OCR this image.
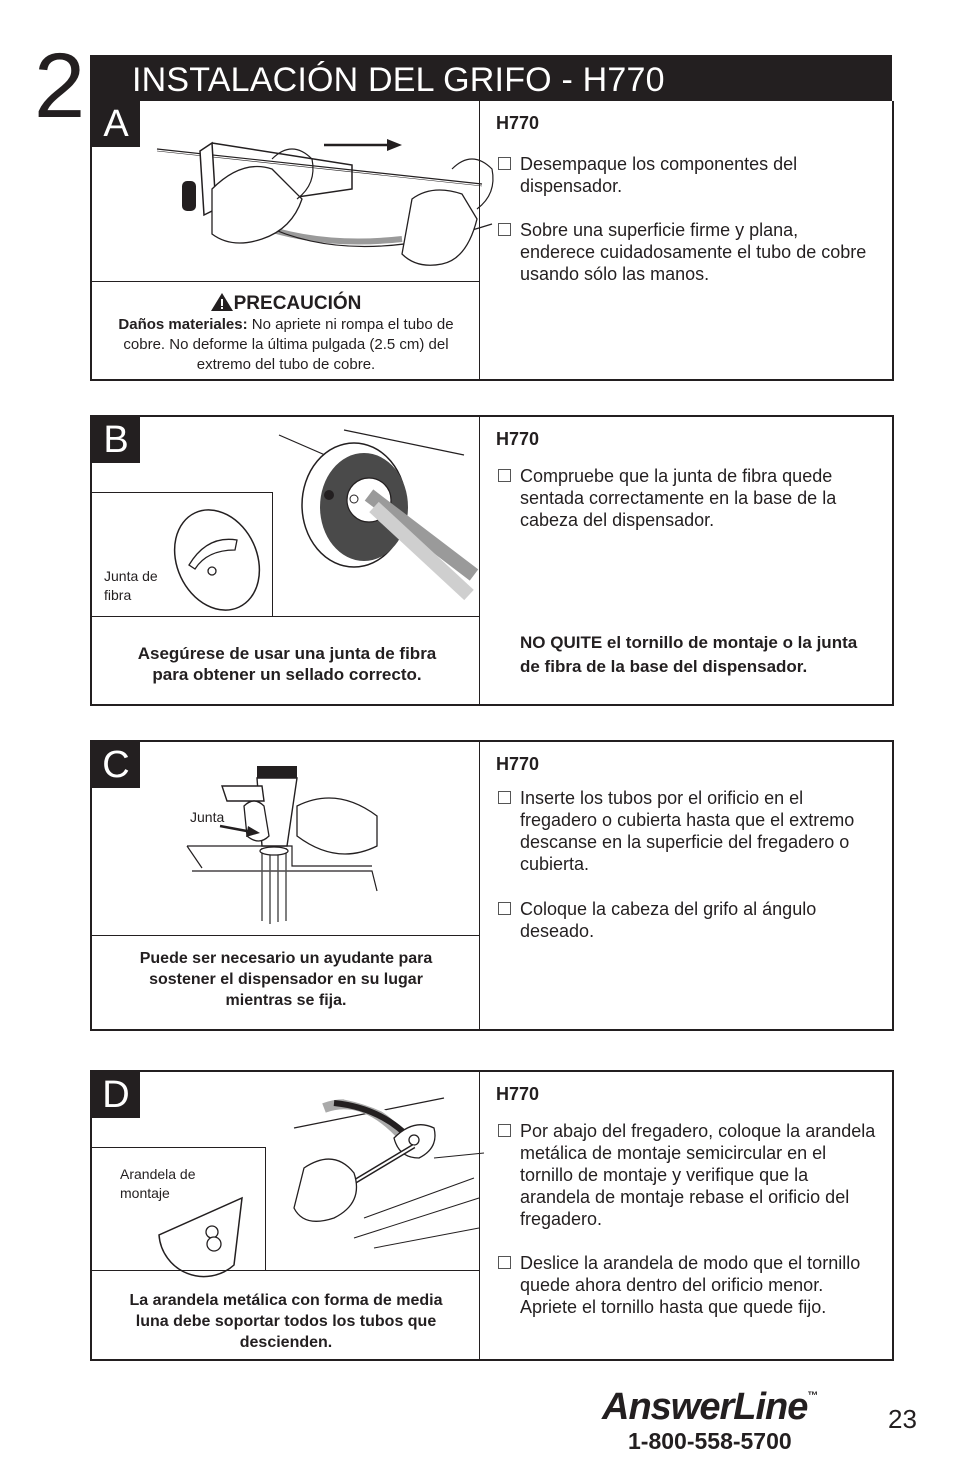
2 INSTALACIÓN DEL GRIFO - H770
A
PRECAUCIÓN
Daños materiales: No apriete ni rompa el tubo de cobre. No deforme la última pulgada (2.5 cm) del extremo del tubo de cobre.
H770
Desempaque los componentes del dispensador.
Sobre una superficie firme y plana, enderece cuidadosamente el tubo de cobre usando sólo las manos.
B
Junta de fibra
Asegúrese de usar una junta de fibra para obtener un sellado correcto.
H770
Compruebe que la junta de fibra quede sentada correctamente en la base de la cabeza del dispensador.
NO QUITE el tornillo de montaje o la junta de fibra de la base del dispensador.
C
Junta
Puede ser necesario un ayudante para sostener el dispensador en su lugar mientras se fija.
H770
Inserte los tubos por el orificio en el fregadero o cubierta hasta que el extremo descanse en la superficie del fregadero o cubierta.
Coloque la cabeza del grifo al ángulo deseado.
D
Arandela de montaje
La arandela metálica con forma de media luna debe soportar todos los tubos que descienden.
H770
Por abajo del fregadero, coloque la arandela metálica de montaje semicircular en el tornillo de montaje y verifique que la arandela de montaje rebase el orificio del fregadero.
Deslice la arandela de modo que el tornillo quede ahora dentro del orificio menor. Apriete el tornillo hasta que quede fijo.
AnswerLine™
1-800-558-5700
23
